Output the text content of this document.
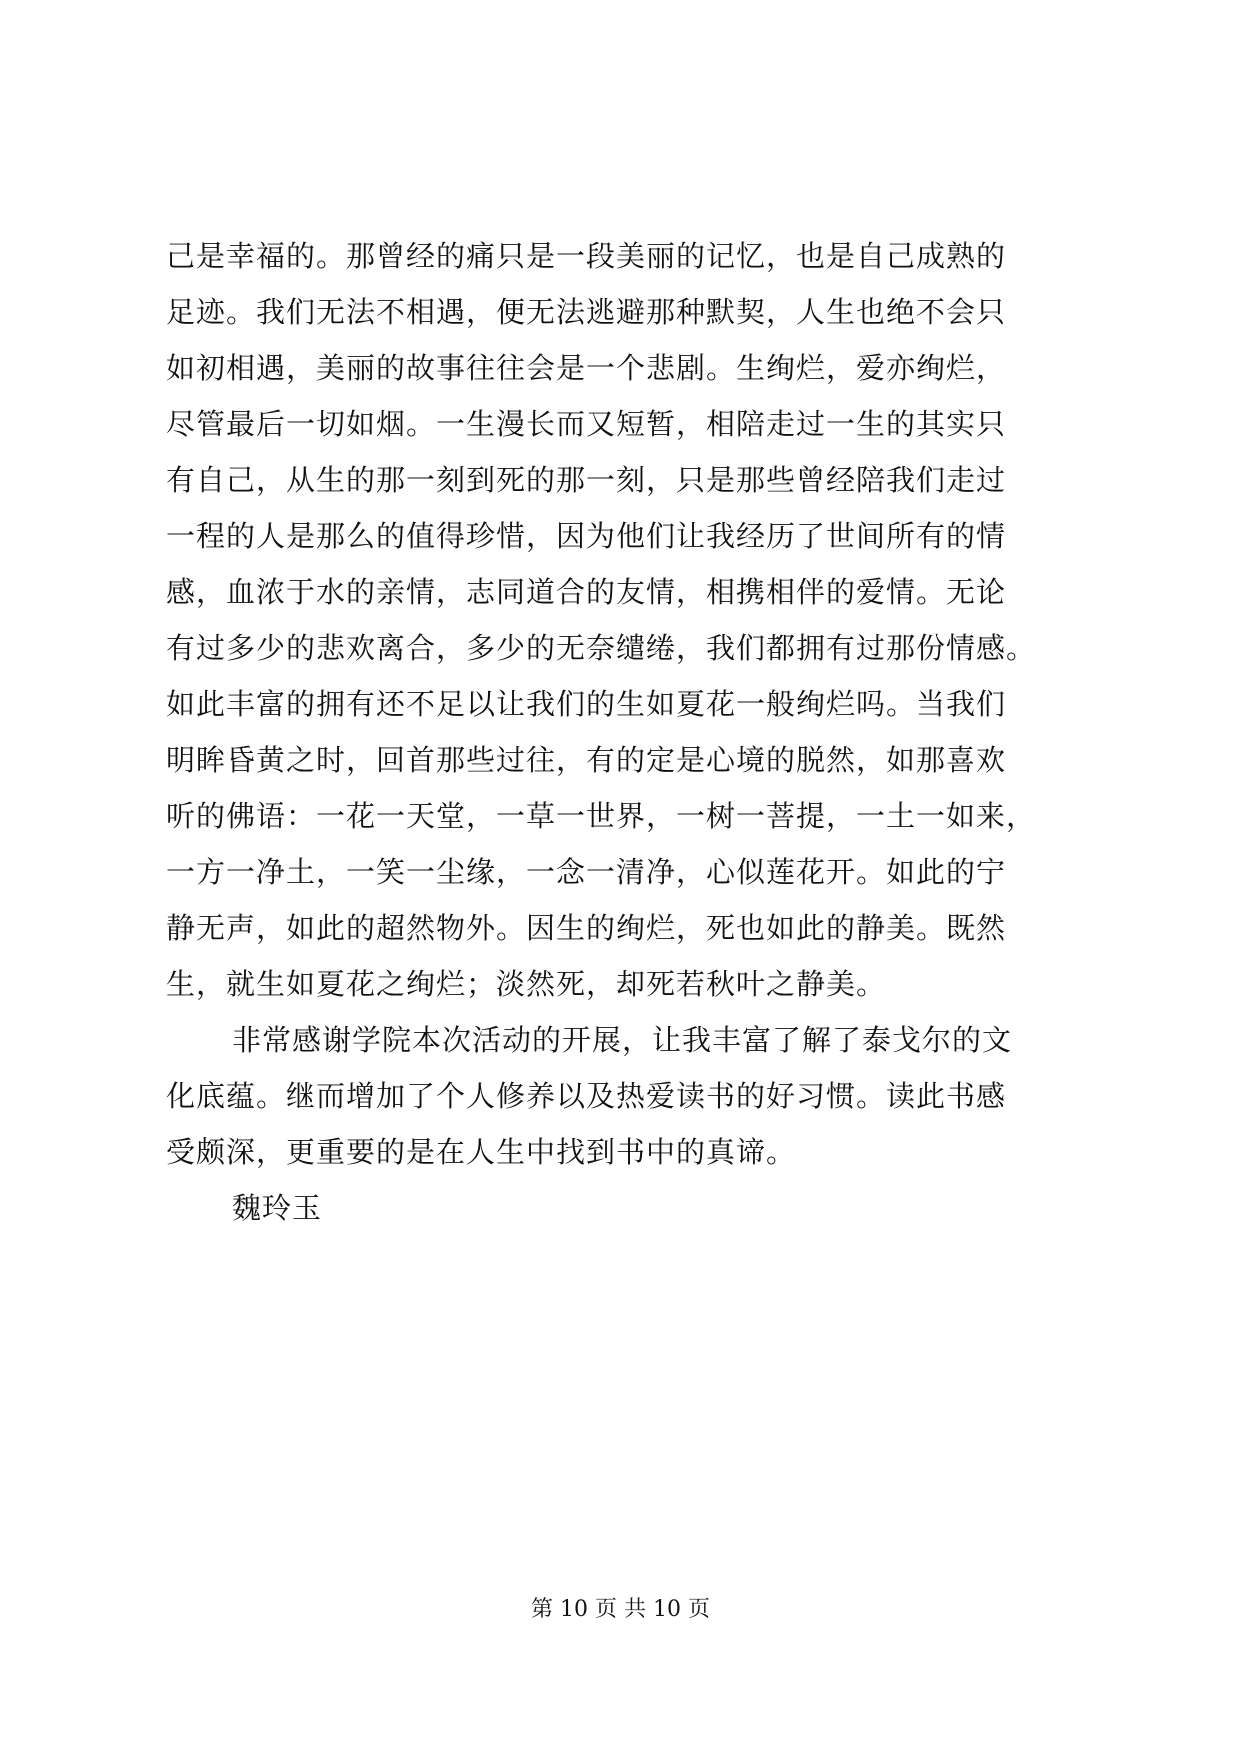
己是幸福的。那曾经的痛只是一段美丽的记忆，也是自己成熟的
足迹。我们无法不相遇，便无法逃避那种默契，人生也绝不会只
如初相遇，美丽的故事往往会是一个悲剧。生绚烂，爱亦绚烂，
尽管最后一切如烟。一生漫长而又短暂，相陪走过一生的其实只
有自己，从生的那一刻到死的那一刻，只是那些曾经陪我们走过
一程的人是那么的值得珍惜，因为他们让我经历了世间所有的情
感，血浓于水的亲情，志同道合的友情，相携相伴的爱情。无论
有过多少的悲欢离合，多少的无奈缱绻，我们都拥有过那份情感。
如此丰富的拥有还不足以让我们的生如夏花一般绚烂吗。当我们
明眸昏黄之时，回首那些过往，有的定是心境的脱然，如那喜欢
听的佛语：一花一天堂，一草一世界，一树一菩提，一土一如来，
一方一净土，一笑一尘缘，一念一清净，心似莲花开。如此的宁
静无声，如此的超然物外。因生的绚烂，死也如此的静美。既然
生，就生如夏花之绚烂；淡然死，却死若秋叶之静美。
非常感谢学院本次活动的开展，让我丰富了解了泰戈尔的文
化底蕴。继而增加了个人修养以及热爱读书的好习惯。读此书感
受颇深，更重要的是在人生中找到书中的真谛。
魏玲玉
第 10 页 共 10 页
